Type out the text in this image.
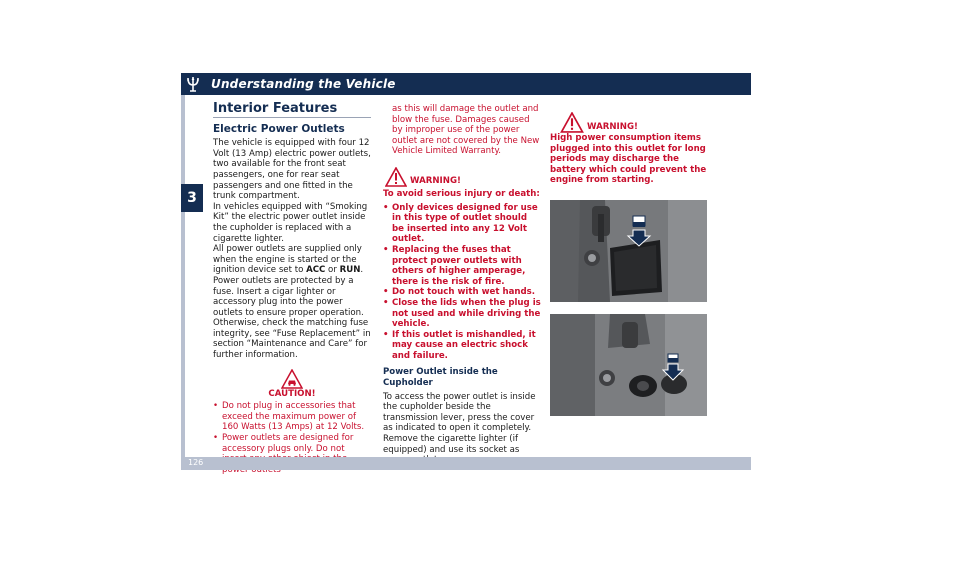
Understanding the Vehicle
3
Interior Features
Electric Power Outlets

The vehicle is equipped with four 12 Volt (13 Amp) electric power outlets, two available for the front seat passengers, one for rear seat passengers and one fitted in the trunk compartment.

In vehicles equipped with “Smoking Kit” the electric power outlet inside the cupholder is replaced with a cigarette lighter.

All power outlets are supplied only when the engine is started or the ignition device set to ACC or RUN.

Power outlets are protected by a fuse. Insert a cigar lighter or accessory plug into the power outlets to ensure proper operation. Otherwise, check the matching fuse integrity, see “Fuse Replacement” in section “Maintenance and Care” for further information.

CAUTION!

• Do not plug in accessories that exceed the maximum power of 160 Watts (13 Amps) at 12 Volts.

• Power outlets are designed for accessory plugs only. Do not

as this will damage the outlet and blow the fuse. Damages caused by improper use of the power outlet are not covered by the New Vehicle Limited Warranty.

WARNING!

To avoid serious injury or death:

• Only devices designed for use in this type of outlet should be inserted into any 12 Volt outlet.

• Replacing the fuses that protect power outlets with others of higher amperage, there is the risk of fire.

• Do not touch with wet hands.

• Close the lids when the plug is not used and while driving the vehicle.

• If this outlet is mishandled, it may cause an electric shock and failure.

Power Outlet inside the Cupholder

To access the power outlet is inside the cupholder beside the transmission lever, press the cover as indicated to open it completely. Remove the cigarette lighter (if equipped) and use its socket as

WARNING!

High power consumption items plugged into this outlet for long periods may discharge the battery which could prevent the engine from starting.

126
